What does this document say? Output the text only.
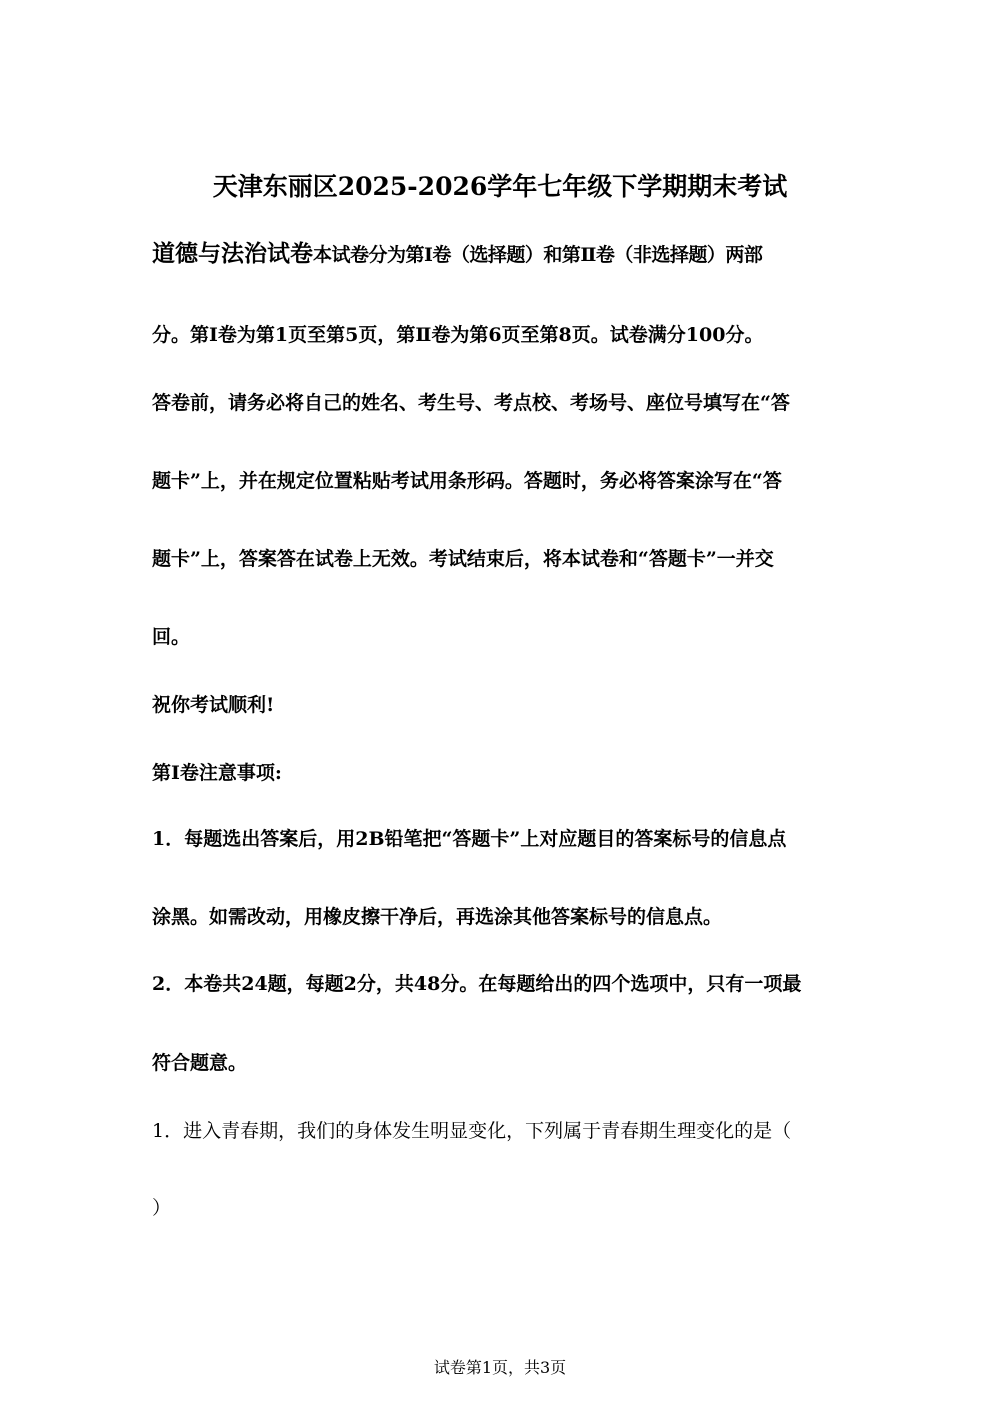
天津东丽区2025-2026学年七年级下学期期末考试
道德与法治试卷本试卷分为第Ⅰ卷（选择题）和第Ⅱ卷（非选择题）两部
分。第Ⅰ卷为第1页至第5页，第Ⅱ卷为第6页至第8页。试卷满分100分。
答卷前，请务必将自己的姓名、考生号、考点校、考场号、座位号填写在“答
题卡”上，并在规定位置粘贴考试用条形码。答题时，务必将答案涂写在“答
题卡”上，答案答在试卷上无效。考试结束后，将本试卷和“答题卡”一并交
回。
祝你考试顺利!
第Ⅰ卷注意事项:
1．每题选出答案后，用2B铅笔把“答题卡”上对应题目的答案标号的信息点
涂黑。如需改动，用橡皮擦干净后，再选涂其他答案标号的信息点。
2．本卷共24题，每题2分，共48分。在每题给出的四个选项中，只有一项最
符合题意。
1．进入青春期，我们的身体发生明显变化，下列属于青春期生理变化的是（
）
试卷第1页，共3页
